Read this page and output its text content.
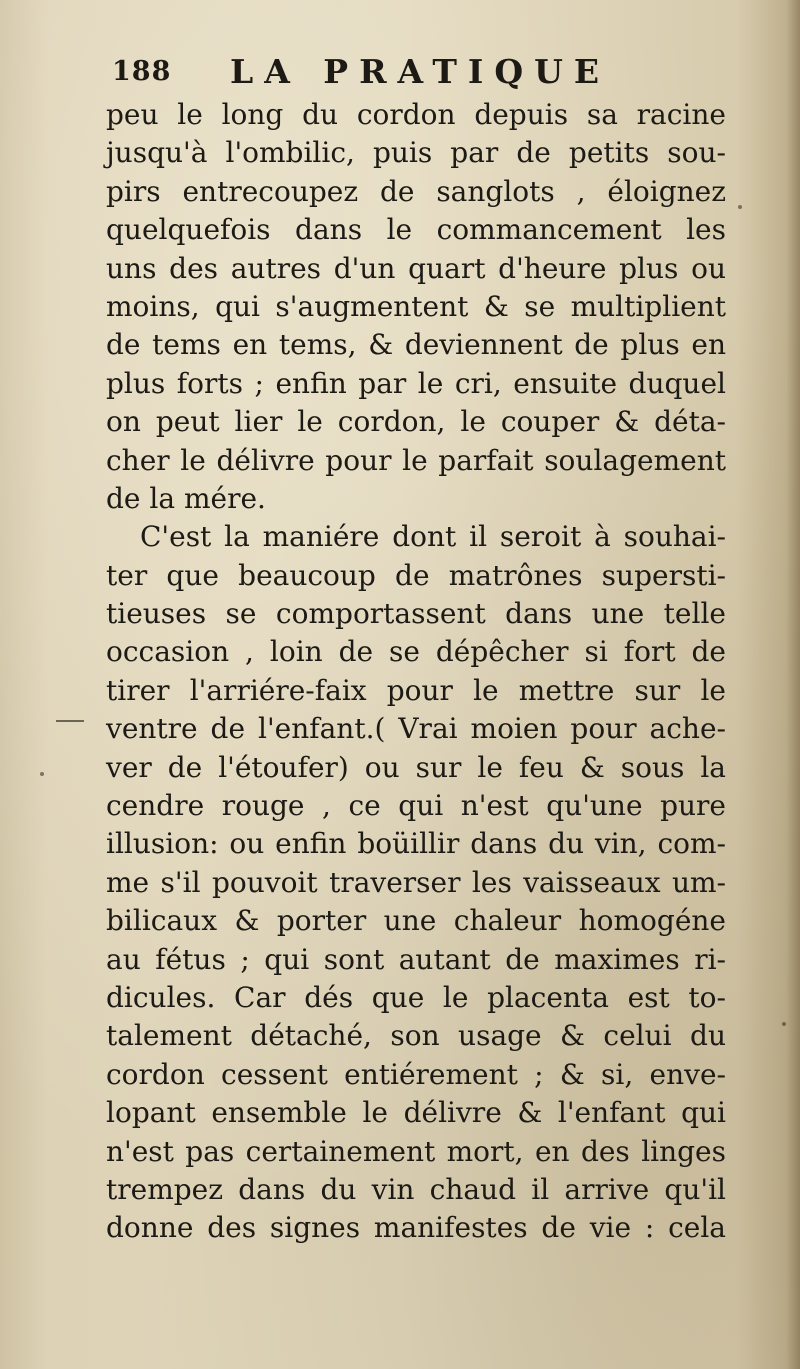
188 LA PRATIQUE
peu le long du cordon depuis sa racine
jusqu'à l'ombilic, puis par de petits sou-
pirs entrecoupez de sanglots , éloignez
quelquefois dans le commancement les
uns des autres d'un quart d'heure plus ou
moins, qui s'augmentent & se multiplient
de tems en tems, & deviennent de plus en
plus forts ; enfin par le cri, ensuite duquel
on peut lier le cordon, le couper & déta-
cher le délivre pour le parfait soulagement
de la mére.
C'est la maniére dont il seroit à souhai-
ter que beaucoup de matrônes supersti-
tieuses se comportassent dans une telle
occasion , loin de se dépêcher si fort de
tirer l'arriére-faix pour le mettre sur le
ventre de l'enfant.( Vrai moien pour ache-
ver de l'étoufer) ou sur le feu & sous la
cendre rouge , ce qui n'est qu'une pure
illusion: ou enfin boüillir dans du vin, com-
me s'il pouvoit traverser les vaisseaux um-
bilicaux & porter une chaleur homogéne
au fétus ; qui sont autant de maximes ri-
dicules. Car dés que le placenta est to-
talement détaché, son usage & celui du
cordon cessent entiérement ; & si, enve-
lopant ensemble le délivre & l'enfant qui
n'est pas certainement mort, en des linges
trempez dans du vin chaud il arrive qu'il
donne des signes manifestes de vie : cela
